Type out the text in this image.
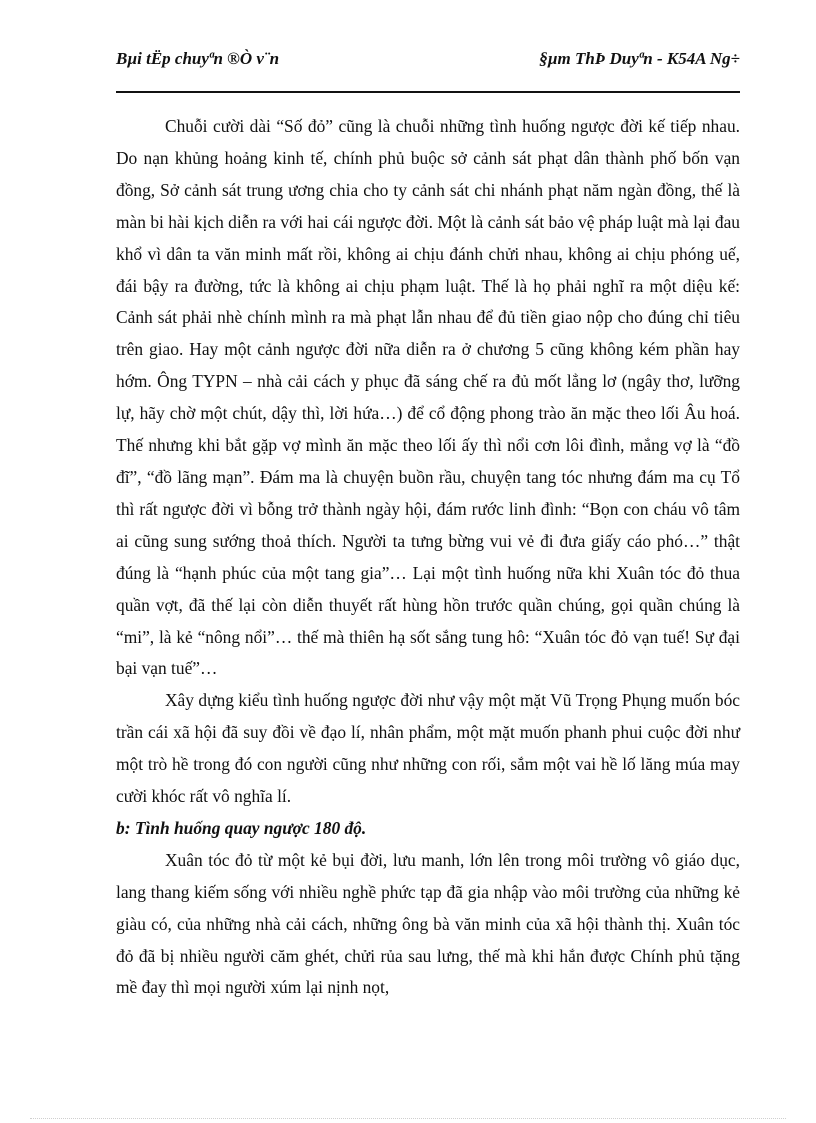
Bµi tËp chuyªn ®Ò v¨n	§µm ThÞ Duyªn - K54A Ng÷

Chuỗi cười dài “Số đỏ” cũng là chuỗi những tình huống ngược đời kế tiếp nhau. Do nạn khủng hoảng kinh tế, chính phủ buộc sở cảnh sát phạt dân thành phố bốn vạn đồng, Sở cảnh sát trung ương chia cho ty cảnh sát chi nhánh phạt năm ngàn đồng, thế là màn bi hài kịch diễn ra với hai cái ngược đời. Một là cảnh sát bảo vệ pháp luật mà lại đau khổ vì dân ta văn minh mất rồi, không ai chịu đánh chửi nhau, không ai chịu phóng uế, đái bậy ra đường, tức là không ai chịu phạm luật. Thế là họ phải nghĩ ra một diệu kế: Cảnh sát phải nhè chính mình ra mà phạt lẫn nhau để đủ tiền giao nộp cho đúng chỉ tiêu trên giao. Hay một cảnh ngược đời nữa diễn ra ở chương 5 cũng không kém phần hay hớm. Ông TYPN – nhà cải cách y phục đã sáng chế ra đủ mốt lẳng lơ (ngây thơ, lưỡng lự, hãy chờ một chút, dậy thì, lời hứa…) để cổ động phong trào ăn mặc theo lối Âu hoá. Thế nhưng khi bắt gặp vợ mình ăn mặc theo lối ấy thì nổi cơn lôi đình, mắng vợ là “đồ đĩ”, “đồ lãng mạn”. Đám ma là chuyện buồn rầu, chuyện tang tóc nhưng đám ma cụ Tổ thì rất ngược đời vì bỗng trở thành ngày hội, đám rước linh đình: “Bọn con cháu vô tâm ai cũng sung sướng thoả thích. Người ta tưng bừng vui vẻ đi đưa giấy cáo phó…” thật đúng là “hạnh phúc của một tang gia”… Lại một tình huống nữa khi Xuân tóc đỏ thua quần vợt, đã thế lại còn diễn thuyết rất hùng hồn trước quần chúng, gọi quần chúng là “mi”, là kẻ “nông nổi”… thế mà thiên hạ sốt sắng tung hô: “Xuân tóc đỏ vạn tuế! Sự đại bại vạn tuế”…

Xây dựng kiểu tình huống ngược đời như vậy một mặt Vũ Trọng Phụng muốn bóc trần cái xã hội đã suy đồi về đạo lí, nhân phẩm, một mặt muốn phanh phui cuộc đời như một trò hề trong đó con người cũng như những con rối, sắm một vai hề lố lăng múa may cười khóc rất vô nghĩa lí.

b: Tình huống quay ngược 180 độ.

Xuân tóc đỏ từ một kẻ bụi đời, lưu manh, lớn lên trong môi trường vô giáo dục, lang thang kiếm sống với nhiều nghề phức tạp đã gia nhập vào môi trường của những kẻ giàu có, của những nhà cải cách, những ông bà văn minh của xã hội thành thị. Xuân tóc đỏ đã bị nhiều người căm ghét, chửi rủa sau lưng, thế mà khi hắn được Chính phủ tặng mề đay thì mọi người xúm lại nịnh nọt,
